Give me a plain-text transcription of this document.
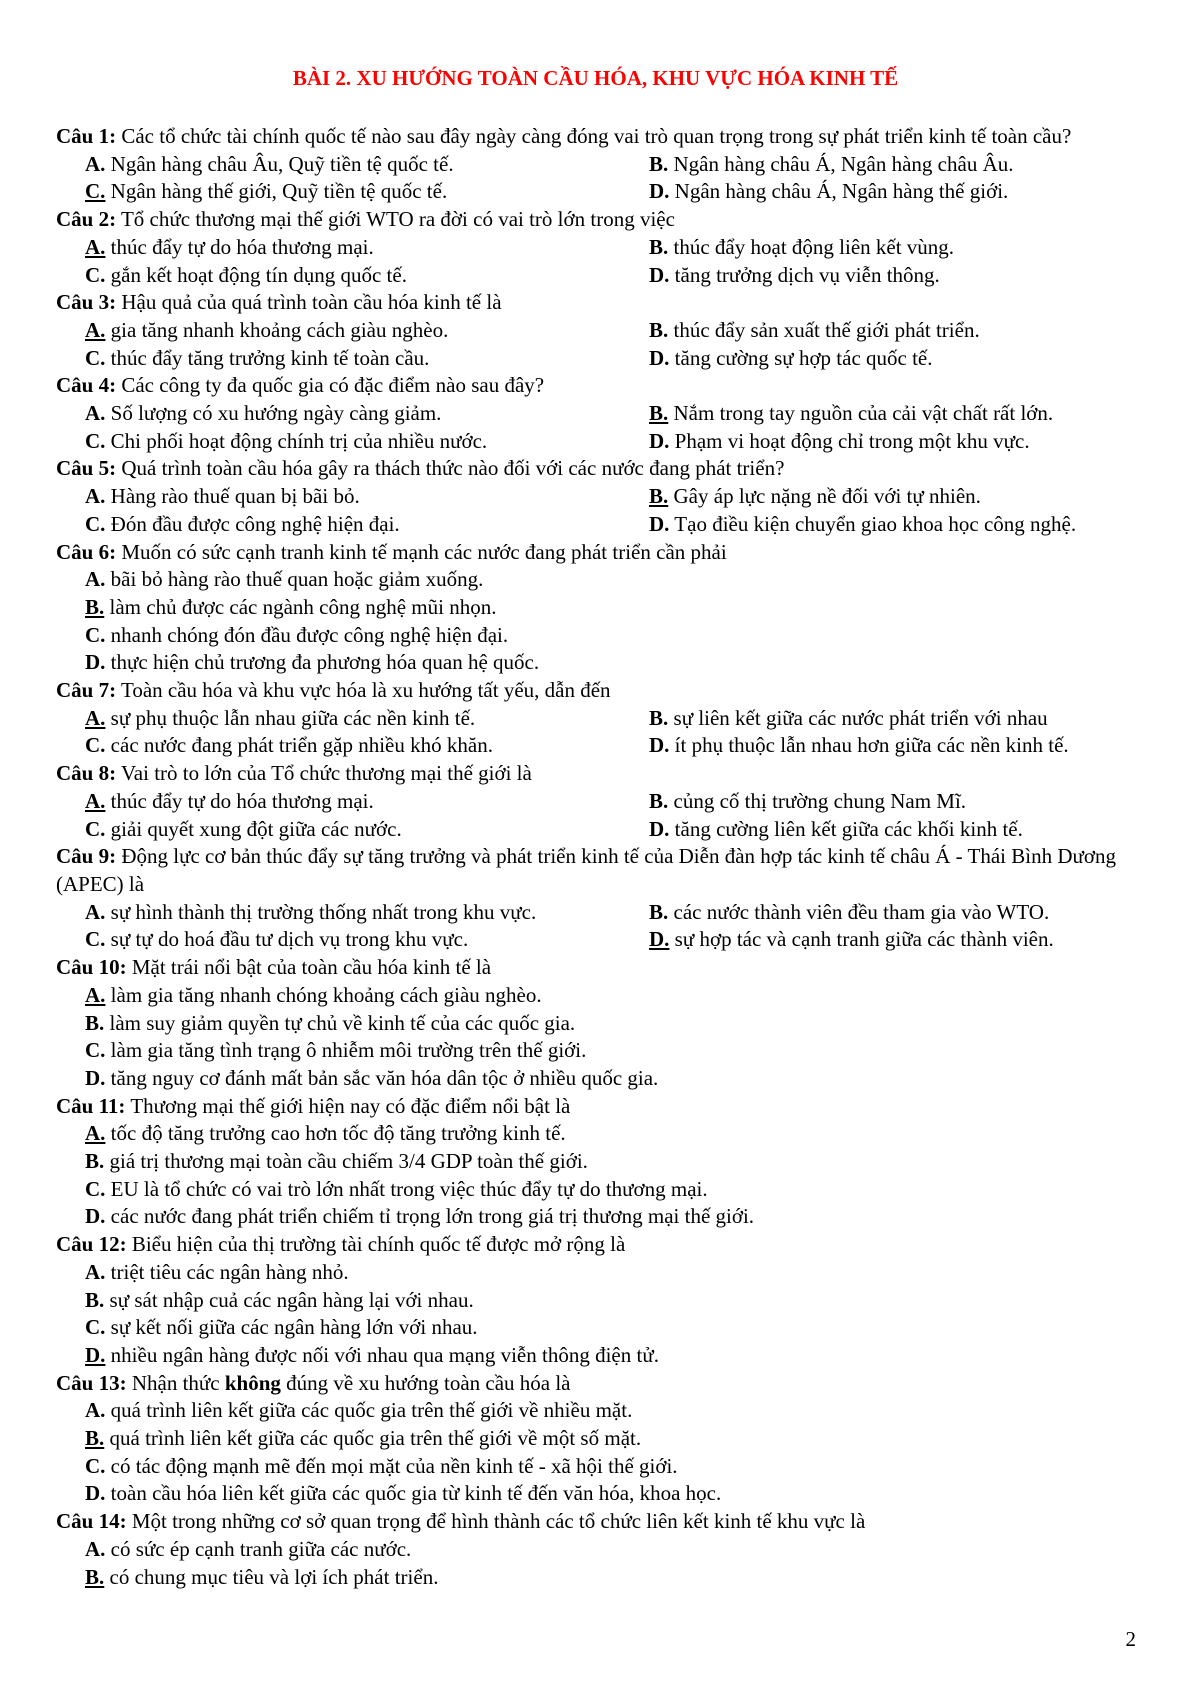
BÀI 2. XU HƯỚNG TOÀN CẦU HÓA, KHU VỰC HÓA KINH TẾ
Câu 1: Các tổ chức tài chính quốc tế nào sau đây ngày càng đóng vai trò quan trọng trong sự phát triển kinh tế toàn cầu?
A. Ngân hàng châu Âu, Quỹ tiền tệ quốc tế.	B. Ngân hàng châu Á, Ngân hàng châu Âu.
C. Ngân hàng thế giới, Quỹ tiền tệ quốc tế.	D. Ngân hàng châu Á, Ngân hàng thế giới.
Câu 2: Tổ chức thương mại thế giới WTO ra đời có vai trò lớn trong việc
A. thúc đẩy tự do hóa thương mại.	B. thúc đẩy hoạt động liên kết vùng.
C. gắn kết hoạt động tín dụng quốc tế.	D. tăng trưởng dịch vụ viễn thông.
Câu 3: Hậu quả của quá trình toàn cầu hóa kinh tế là
A. gia tăng nhanh khoảng cách giàu nghèo.	B. thúc đẩy sản xuất thế giới phát triển.
C. thúc đẩy tăng trưởng kinh tế toàn cầu.	D. tăng cường sự hợp tác quốc tế.
Câu 4: Các công ty đa quốc gia có đặc điểm nào sau đây?
A. Số lượng có xu hướng ngày càng giảm.	B. Nắm trong tay nguồn của cải vật chất rất lớn.
C. Chi phối hoạt động chính trị của nhiều nước.	D. Phạm vi hoạt động chỉ trong một khu vực.
Câu 5: Quá trình toàn cầu hóa gây ra thách thức nào đối với các nước đang phát triển?
A. Hàng rào thuế quan bị bãi bỏ.	B. Gây áp lực nặng nề đối với tự nhiên.
C. Đón đầu được công nghệ hiện đại.	D. Tạo điều kiện chuyển giao khoa học công nghệ.
Câu 6: Muốn có sức cạnh tranh kinh tế mạnh các nước đang phát triển cần phải
A. bãi bỏ hàng rào thuế quan hoặc giảm xuống.
B. làm chủ được các ngành công nghệ mũi nhọn.
C. nhanh chóng đón đầu được công nghệ hiện đại.
D. thực hiện chủ trương đa phương hóa quan hệ quốc.
Câu 7: Toàn cầu hóa và khu vực hóa là xu hướng tất yếu, dẫn đến
A. sự phụ thuộc lẫn nhau giữa các nền kinh tế.	B. sự liên kết giữa các nước phát triển với nhau
C. các nước đang phát triển gặp nhiều khó khăn.	D. ít phụ thuộc lẫn nhau hơn giữa các nền kinh tế.
Câu 8: Vai trò to lớn của Tổ chức thương mại thế giới là
A. thúc đẩy tự do hóa thương mại.	B. củng cố thị trường chung Nam Mĩ.
C. giải quyết xung đột giữa các nước.	D. tăng cường liên kết giữa các khối kinh tế.
Câu 9: Động lực cơ bản thúc đẩy sự tăng trưởng và phát triển kinh tế của Diễn đàn hợp tác kinh tế châu Á - Thái Bình Dương (APEC) là
A. sự hình thành thị trường thống nhất trong khu vực.	B. các nước thành viên đều tham gia vào WTO.
C. sự tự do hoá đầu tư dịch vụ trong khu vực.	D. sự hợp tác và cạnh tranh giữa các thành viên.
Câu 10: Mặt trái nổi bật của toàn cầu hóa kinh tế là
A. làm gia tăng nhanh chóng khoảng cách giàu nghèo.
B. làm suy giảm quyền tự chủ về kinh tế của các quốc gia.
C. làm gia tăng tình trạng ô nhiễm môi trường trên thế giới.
D. tăng nguy cơ đánh mất bản sắc văn hóa dân tộc ở nhiều quốc gia.
Câu 11: Thương mại thế giới hiện nay có đặc điểm nổi bật là
A. tốc độ tăng trưởng cao hơn tốc độ tăng trưởng kinh tế.
B. giá trị thương mại toàn cầu chiếm 3/4 GDP toàn thế giới.
C. EU là tổ chức có vai trò lớn nhất trong việc thúc đẩy tự do thương mại.
D. các nước đang phát triển chiếm tỉ trọng lớn trong giá trị thương mại thế giới.
Câu 12: Biểu hiện của thị trường tài chính quốc tế được mở rộng là
A. triệt tiêu các ngân hàng nhỏ.
B. sự sát nhập cuả các ngân hàng lại với nhau.
C. sự kết nối giữa các ngân hàng lớn với nhau.
D. nhiều ngân hàng được nối với nhau qua mạng viễn thông điện tử.
Câu 13: Nhận thức không đúng về xu hướng toàn cầu hóa là
A. quá trình liên kết giữa các quốc gia trên thế giới về nhiều mặt.
B. quá trình liên kết giữa các quốc gia trên thế giới về một số mặt.
C. có tác động mạnh mẽ đến mọi mặt của nền kinh tế - xã hội thế giới.
D. toàn cầu hóa liên kết giữa các quốc gia từ kinh tế đến văn hóa, khoa học.
Câu 14: Một trong những cơ sở quan trọng để hình thành các tổ chức liên kết kinh tế khu vực là
A. có sức ép cạnh tranh giữa các nước.
B. có chung mục tiêu và lợi ích phát triển.
2
